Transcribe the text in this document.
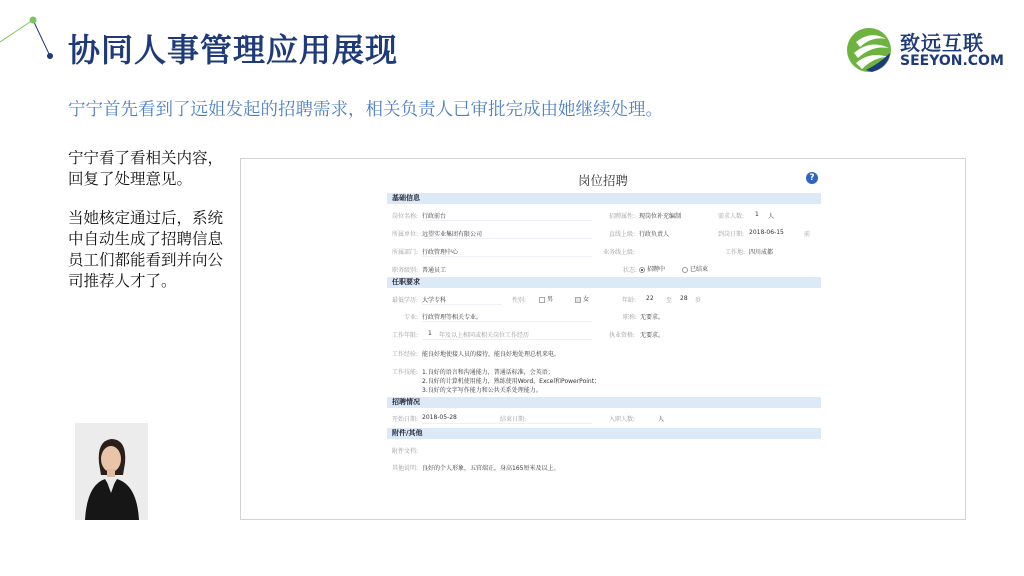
协同人事管理应用展现	致远互联
SEEYON.COM
宁宁首先看到了远姐发起的招聘需求，相关负责人已审批完成由她继续处理。
宁宁看了看相关内容，
回复了处理意见。
当她核定通过后，系统
中自动生成了招聘信息
员工们都能看到并向公
司推荐人才了。
岗位招聘	?
基础信息
岗位名称: 行政前台	招聘属性: 现岗位补充编制	需求人数: 1 人
所属单位: 远望实业集团有限公司	直线上级: 行政负责人	到岗日期: 2018-06-15	前
所属部门: 行政管理中心	业务线上级:	工作地: 四川成都
职务级别: 普通员工	状态:	招聘中	已结束
任职要求
最低学历: 大学专科	性别:	男	女	年龄: 22 至 28 岁
专业: 行政管理等相关专业。	职称: 无要求。
工作年限: 1 年及以上相同或相关岗位工作经历	执业资格: 无要求。
工作经验: 能良好地使接人员的接待，能良好地处理总机来电。
工作技能: 1.良好的语言和沟通能力，普通话标准，会英语；
2.良好的计算机使用能力，熟练使用Word、Excel和PowerPoint；
3.良好的文字写作能力和公共关系处理能力。
招聘情况
开始日期: 2018-05-28	结束日期:	入职人数:	人
附件/其他
附件文档:
其他说明: 良好的个人形象，五官端正，身高165厘米及以上。
